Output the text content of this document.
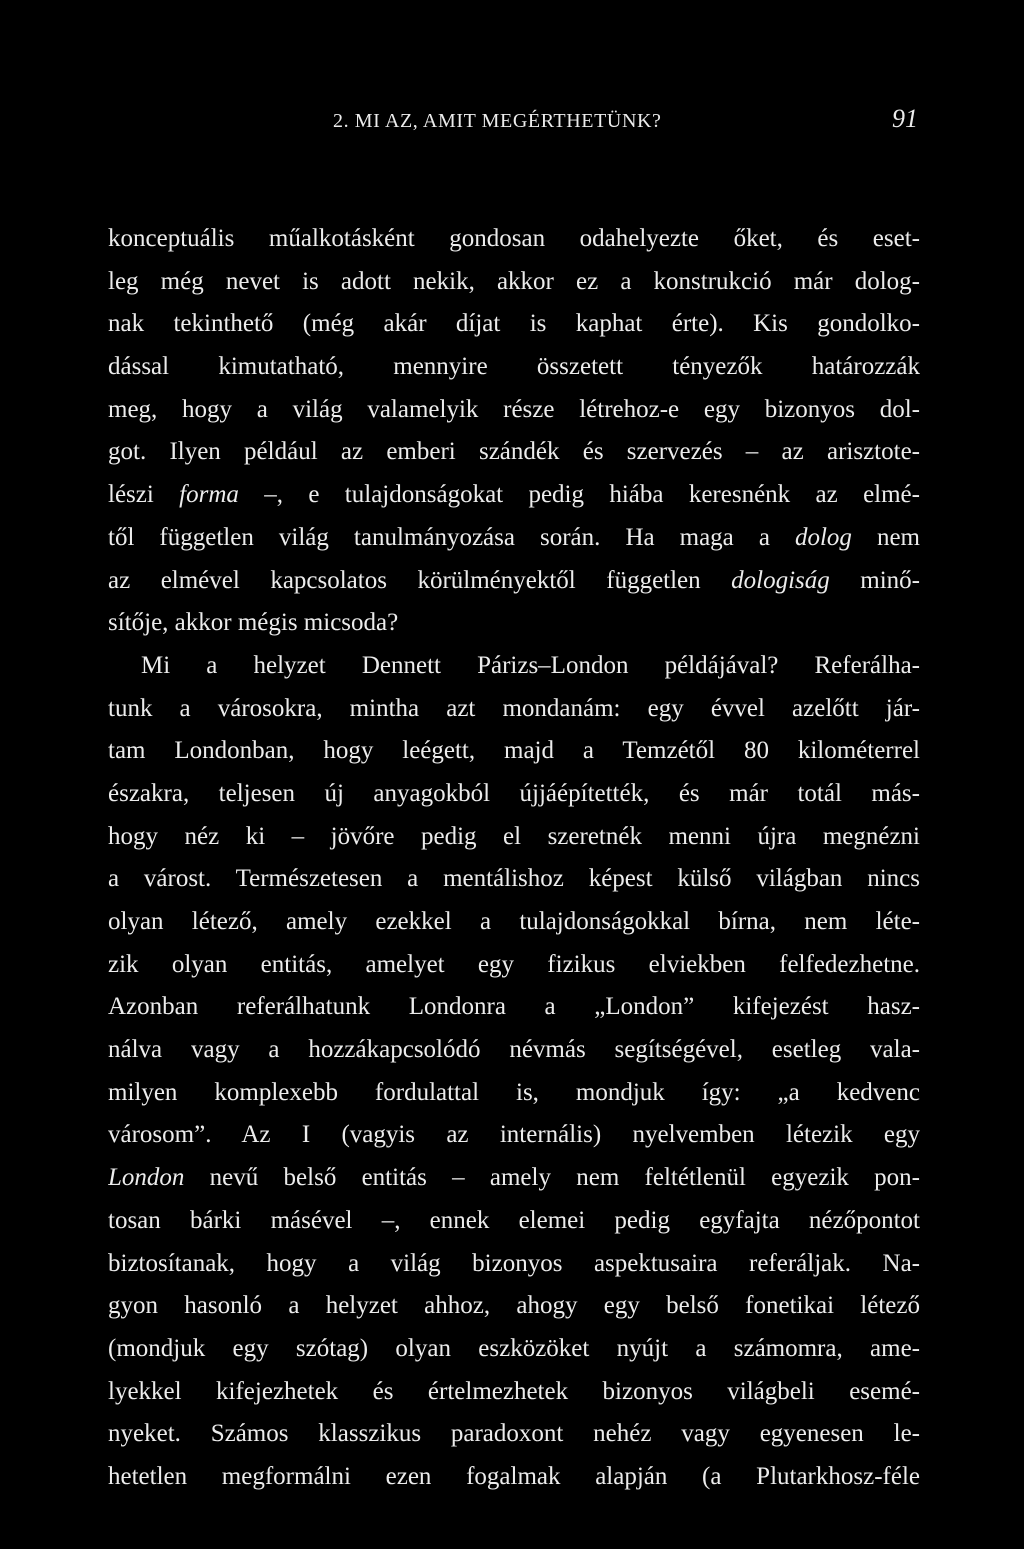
2. MI AZ, AMIT MEGÉRTHETÜNK?	91
konceptuális műalkotásként gondosan odahelyezte őket, és eset-
leg még nevet is adott nekik, akkor ez a konstrukció már dolog-
nak tekinthető (még akár díjat is kaphat érte). Kis gondolko-
dással kimutatható, mennyire összetett tényezők határozzák
meg, hogy a világ valamelyik része létrehoz-e egy bizonyos dol-
got. Ilyen például az emberi szándék és szervezés – az arisztote-
lészi forma –, e tulajdonságokat pedig hiába keresnénk az elmé-
től független világ tanulmányozása során. Ha maga a dolog nem
az elmével kapcsolatos körülményektől független dologiság minő-
sítője, akkor mégis micsoda?
Mi a helyzet Dennett Párizs–London példájával? Referálha-
tunk a városokra, mintha azt mondanám: egy évvel azelőtt jár-
tam Londonban, hogy leégett, majd a Temzétől 80 kilométerrel
északra, teljesen új anyagokból újjáépítették, és már totál más-
hogy néz ki – jövőre pedig el szeretnék menni újra megnézni
a várost. Természetesen a mentálishoz képest külső világban nincs
olyan létező, amely ezekkel a tulajdonságokkal bírna, nem léte-
zik olyan entitás, amelyet egy fizikus elviekben felfedezhetne.
Azonban referálhatunk Londonra a „London” kifejezést hasz-
nálva vagy a hozzákapcsolódó névmás segítségével, esetleg vala-
milyen komplexebb fordulattal is, mondjuk így: „a kedvenc
városom”. Az I (vagyis az internális) nyelvemben létezik egy
London nevű belső entitás – amely nem feltétlenül egyezik pon-
tosan bárki másével –, ennek elemei pedig egyfajta nézőpontot
biztosítanak, hogy a világ bizonyos aspektusaira referáljak. Na-
gyon hasonló a helyzet ahhoz, ahogy egy belső fonetikai létező
(mondjuk egy szótag) olyan eszközöket nyújt a számomra, ame-
lyekkel kifejezhetek és értelmezhetek bizonyos világbeli esemé-
nyeket. Számos klasszikus paradoxont nehéz vagy egyenesen le-
hetetlen megformálni ezen fogalmak alapján (a Plutarkhosz-féle
